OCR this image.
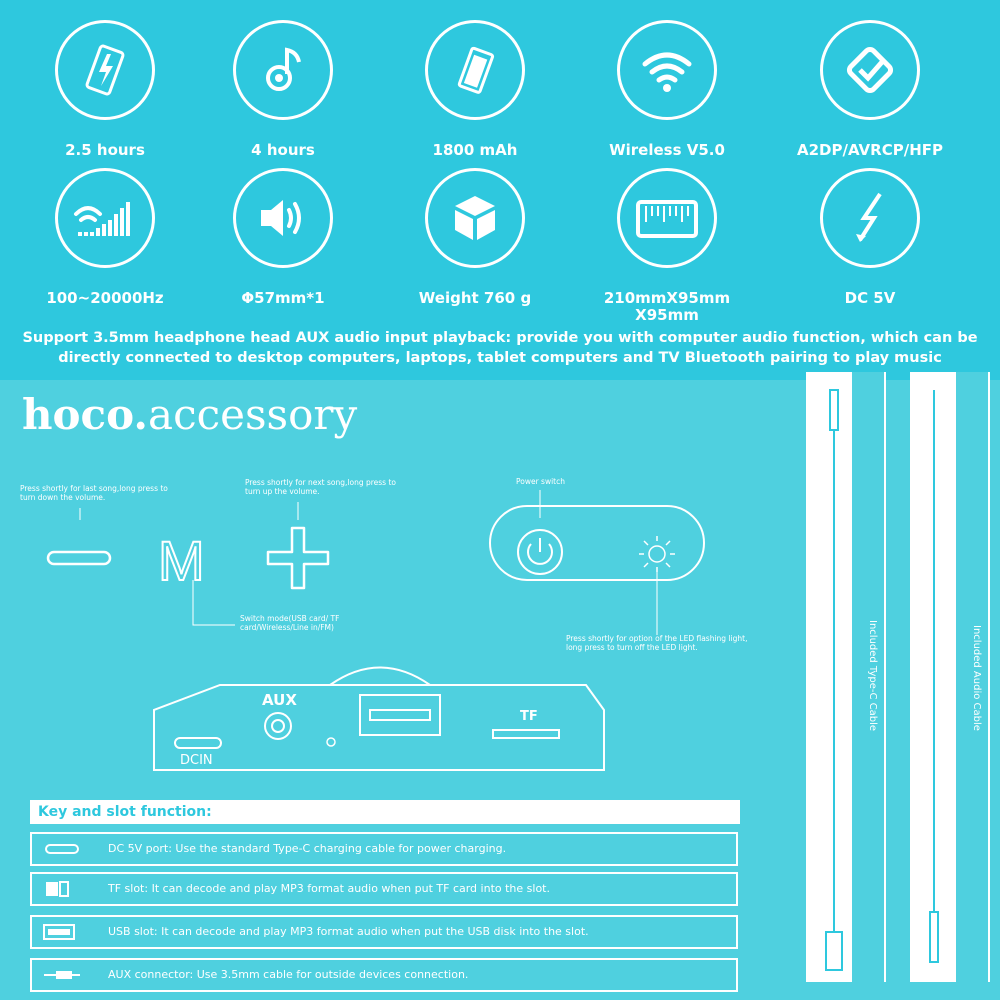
2.5 hours	4 hours	1800 mAh	Wireless V5.0	A2DP/AVRCP/HFP
100~20000Hz	Φ57mm*1	Weight 760 g	210mmX95mm
X95mm
DC 5V
Support 3.5mm headphone head AUX audio input playback: provide you with computer audio function, which can be directly connected to desktop computers, laptops, tablet computers and TV Bluetooth pairing to play music
hoco.accessory
Press shortly for last song,long press to turn down the volume.
Press shortly for next song,long press to turn up the volume.
Switch mode(USB card/ TF card/Wireless/Line in/FM)
Power switch
Press shortly for option of the LED flashing light, long press to turn off the LED light.
M
DCIN
AUX
TF	Included Type-C Cable	Included Audio Cable
Key and slot function:
DC 5V port: Use the standard Type-C charging cable for power charging.
TF slot: It can decode and play MP3 format audio when put TF card into the slot.
USB slot: It can decode and play MP3 format audio when put the USB disk into the slot.
AUX connector: Use 3.5mm cable for outside devices connection.
